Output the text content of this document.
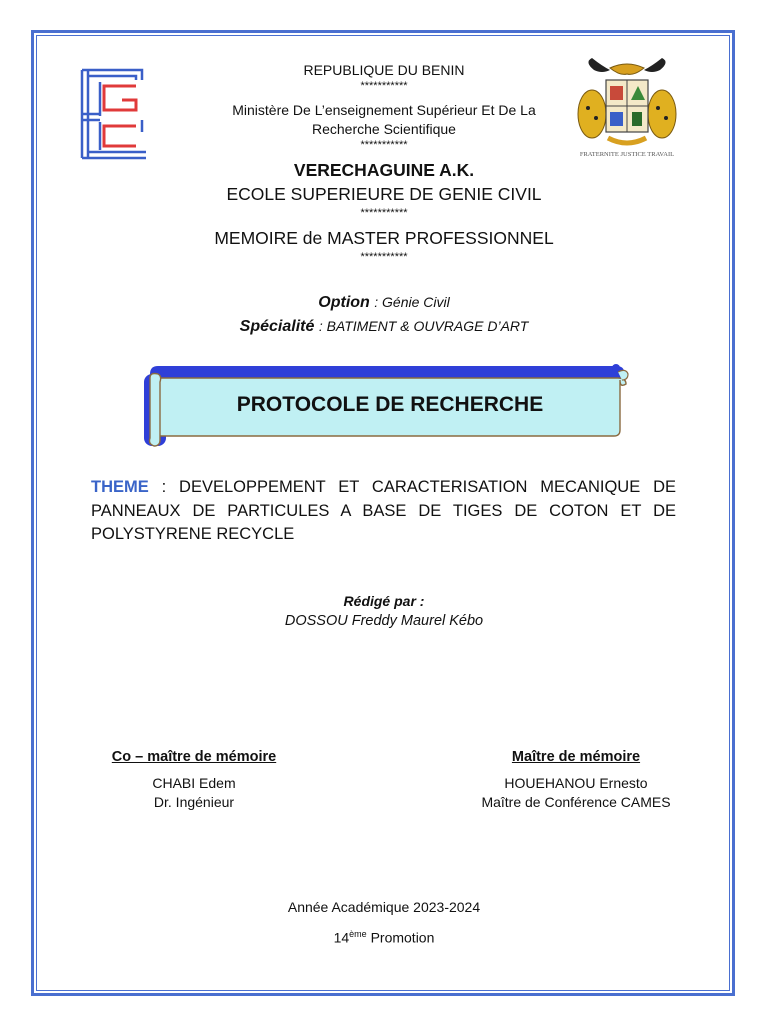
FRATERNITE JUSTICE TRAVAIL
REPUBLIQUE DU BENIN
***********
Ministère De L’enseignement Supérieur Et De La
Recherche Scientifique
***********
VERECHAGUINE A.K.
ECOLE SUPERIEURE DE GENIE CIVIL
***********
MEMOIRE de MASTER PROFESSIONNEL
***********
Option : Génie Civil
Spécialité : BATIMENT & OUVRAGE D’ART
PROTOCOLE DE RECHERCHE
THEME : DEVELOPPEMENT ET CARACTERISATION MECANIQUE DE PANNEAUX DE PARTICULES A BASE DE TIGES DE COTON ET DE POLYSTYRENE RECYCLE
Rédigé par :
DOSSOU Freddy Maurel Kébo
Co – maître de mémoire
CHABI Edem
Dr. Ingénieur
Maître de mémoire
HOUEHANOU Ernesto
Maître de Conférence CAMES
Année Académique 2023-2024
14ème Promotion
